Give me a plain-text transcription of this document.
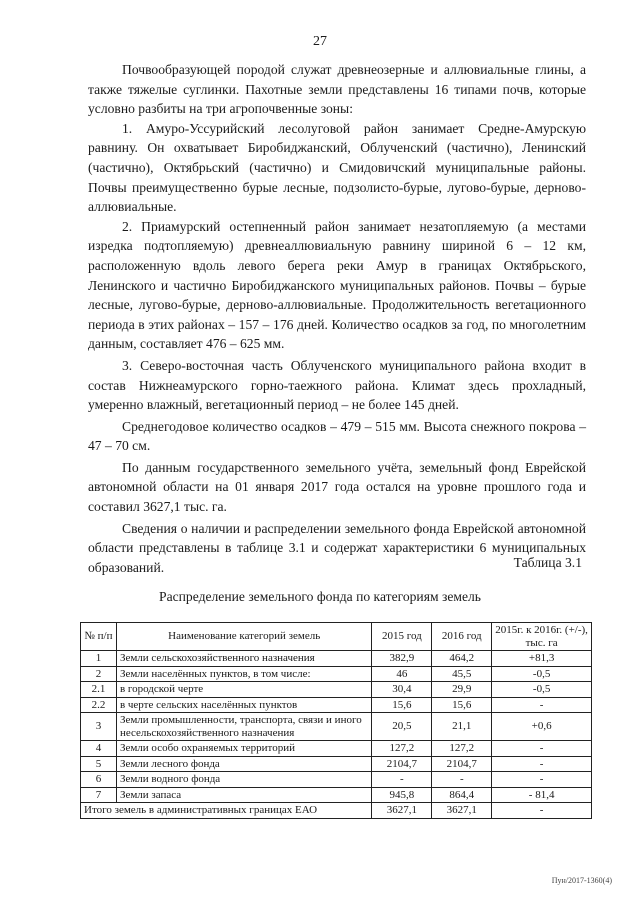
27

Почвообразующей породой служат древнеозерные и аллювиальные глины, а также тяжелые суглинки. Пахотные земли представлены 16 типами почв, которые условно разбиты на три агропочвенные зоны:

1. Амуро-Уссурийский лесолуговой район занимает Средне-Амурскую равнину. Он охватывает Биробиджанский, Облученский (частично), Ленинский (частично), Октябрьский (частично) и Смидовичский муниципальные районы. Почвы преимущественно бурые лесные, подзолисто-бурые, лугово-бурые, дерново-аллювиальные.

2. Приамурский остепненный район занимает незатопляемую (а местами изредка подтопляемую) древнеаллювиальную равнину шириной 6 – 12 км, расположенную вдоль левого берега реки Амур в границах Октябрьского, Ленинского и частично Биробиджанского муниципальных районов. Почвы – бурые лесные, лугово-бурые, дерново-аллювиальные. Продолжительность вегетационного периода в этих районах – 157 – 176 дней. Количество осадков за год, по многолетним данным, составляет 476 – 625 мм.

3. Северо-восточная часть Облученского муниципального района входит в состав Нижнеамурского горно-таежного района. Климат здесь прохладный, умеренно влажный, вегетационный период – не более 145 дней.

Среднегодовое количество осадков – 479 – 515 мм. Высота снежного покрова – 47 – 70 см.

По данным государственного земельного учёта, земельный фонд Еврейской автономной области на 01 января 2017 года остался на уровне прошлого года и составил 3627,1 тыс. га.

Сведения о наличии и распределении земельного фонда Еврейской автономной области представлены в таблице 3.1 и содержат характеристики 6 муниципальных образований.	Таблица 3.1
Распределение земельного фонда по категориям земель
№ п/п	Наименование категорий земель	2015 год	2016 год	2015г. к 2016г. (+/-), тыс. га
1	Земли сельскохозяйственного назначения	382,9	464,2	+81,3
2	Земли населённых пунктов, в том числе:	46	45,5	-0,5
2.1	в городской черте	30,4	29,9	-0,5
2.2	в черте сельских населённых пунктов	15,6	15,6	-
3	Земли промышленности, транспорта, связи и иного несельскохозяйственного назначения	20,5	21,1	+0,6
4	Земли особо охраняемых территорий	127,2	127,2	-
5	Земли лесного фонда	2104,7	2104,7	-
6	Земли водного фонда	-	-	-
7	Земли запаса	945,8	864,4	- 81,4
Итого земель в административных границах ЕАО		3627,1	3627,1	-
Пун/2017-1360(4)
